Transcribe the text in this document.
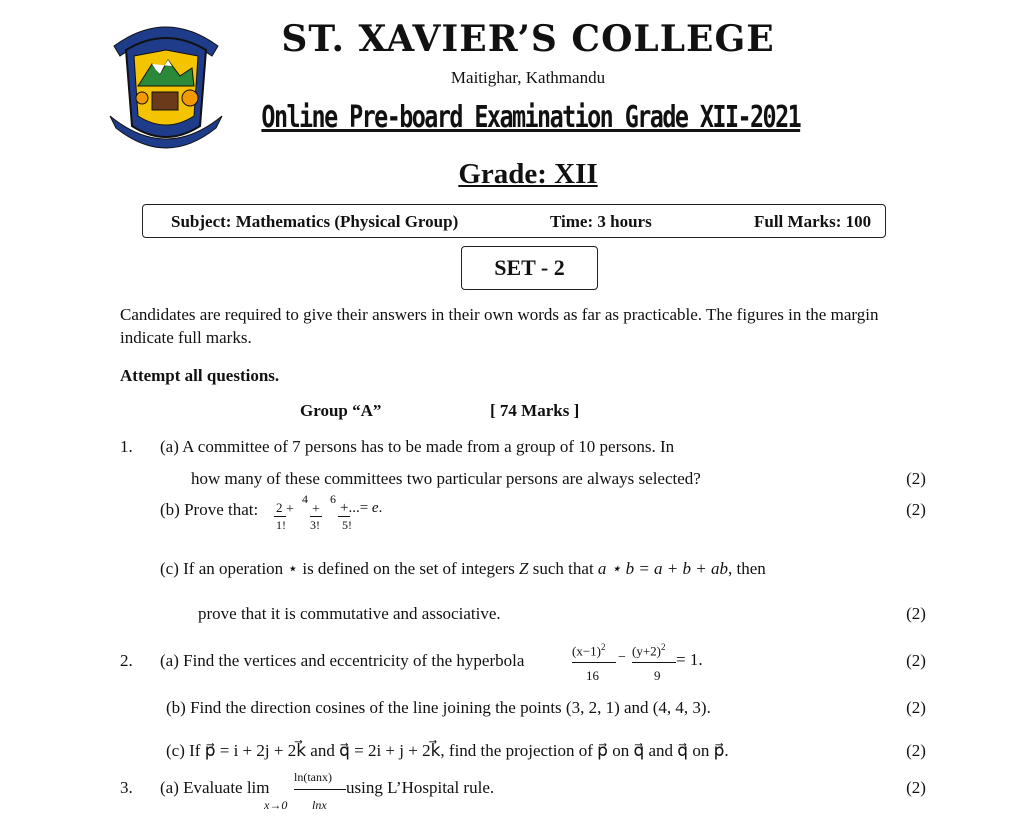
ST. XAVIER’S COLLEGE
Maitighar, Kathmandu
Online Pre-board Examination Grade XII-2021
Grade: XII
Subject: Mathematics (Physical Group)	Time: 3 hours	Full Marks: 100
SET - 2
Candidates are required to give their answers in their own words as far as practicable. The figures in the margin
indicate full marks.
Attempt all questions.
Group “A”	[ 74 Marks ]
1. (a) A committee of 7 persons has to be made from a group of 10 persons. In
how many of these committees two particular persons are always selected?	(2)
(b) Prove that: 2 +
4
+
6
+...= e.
1! 3! 5!
(2)
(c) If an operation ⋆ is defined on the set of integers Z such that a ⋆ b = a + b + ab, then
prove that it is commutative and associative.	(2)
2. (a) Find the vertices and eccentricity of the hyperbola
$(x-1)^2$
− $(y+2)^2$
= 1.
16	9
(2)
(b) Find the direction cosines of the line joining the points (3, 2, 1) and (4, 4, 3).	(2)
(c) If p⃗ = i + 2j + 2k⃗ and q⃗ = 2i + j + 2k⃗, find the projection of p⃗ on q⃗ and q⃗ on p⃗.	(2)
3. (a) Evaluate lim
x→0
ln(tanx)
lnx
using L’Hospital rule.	(2)
